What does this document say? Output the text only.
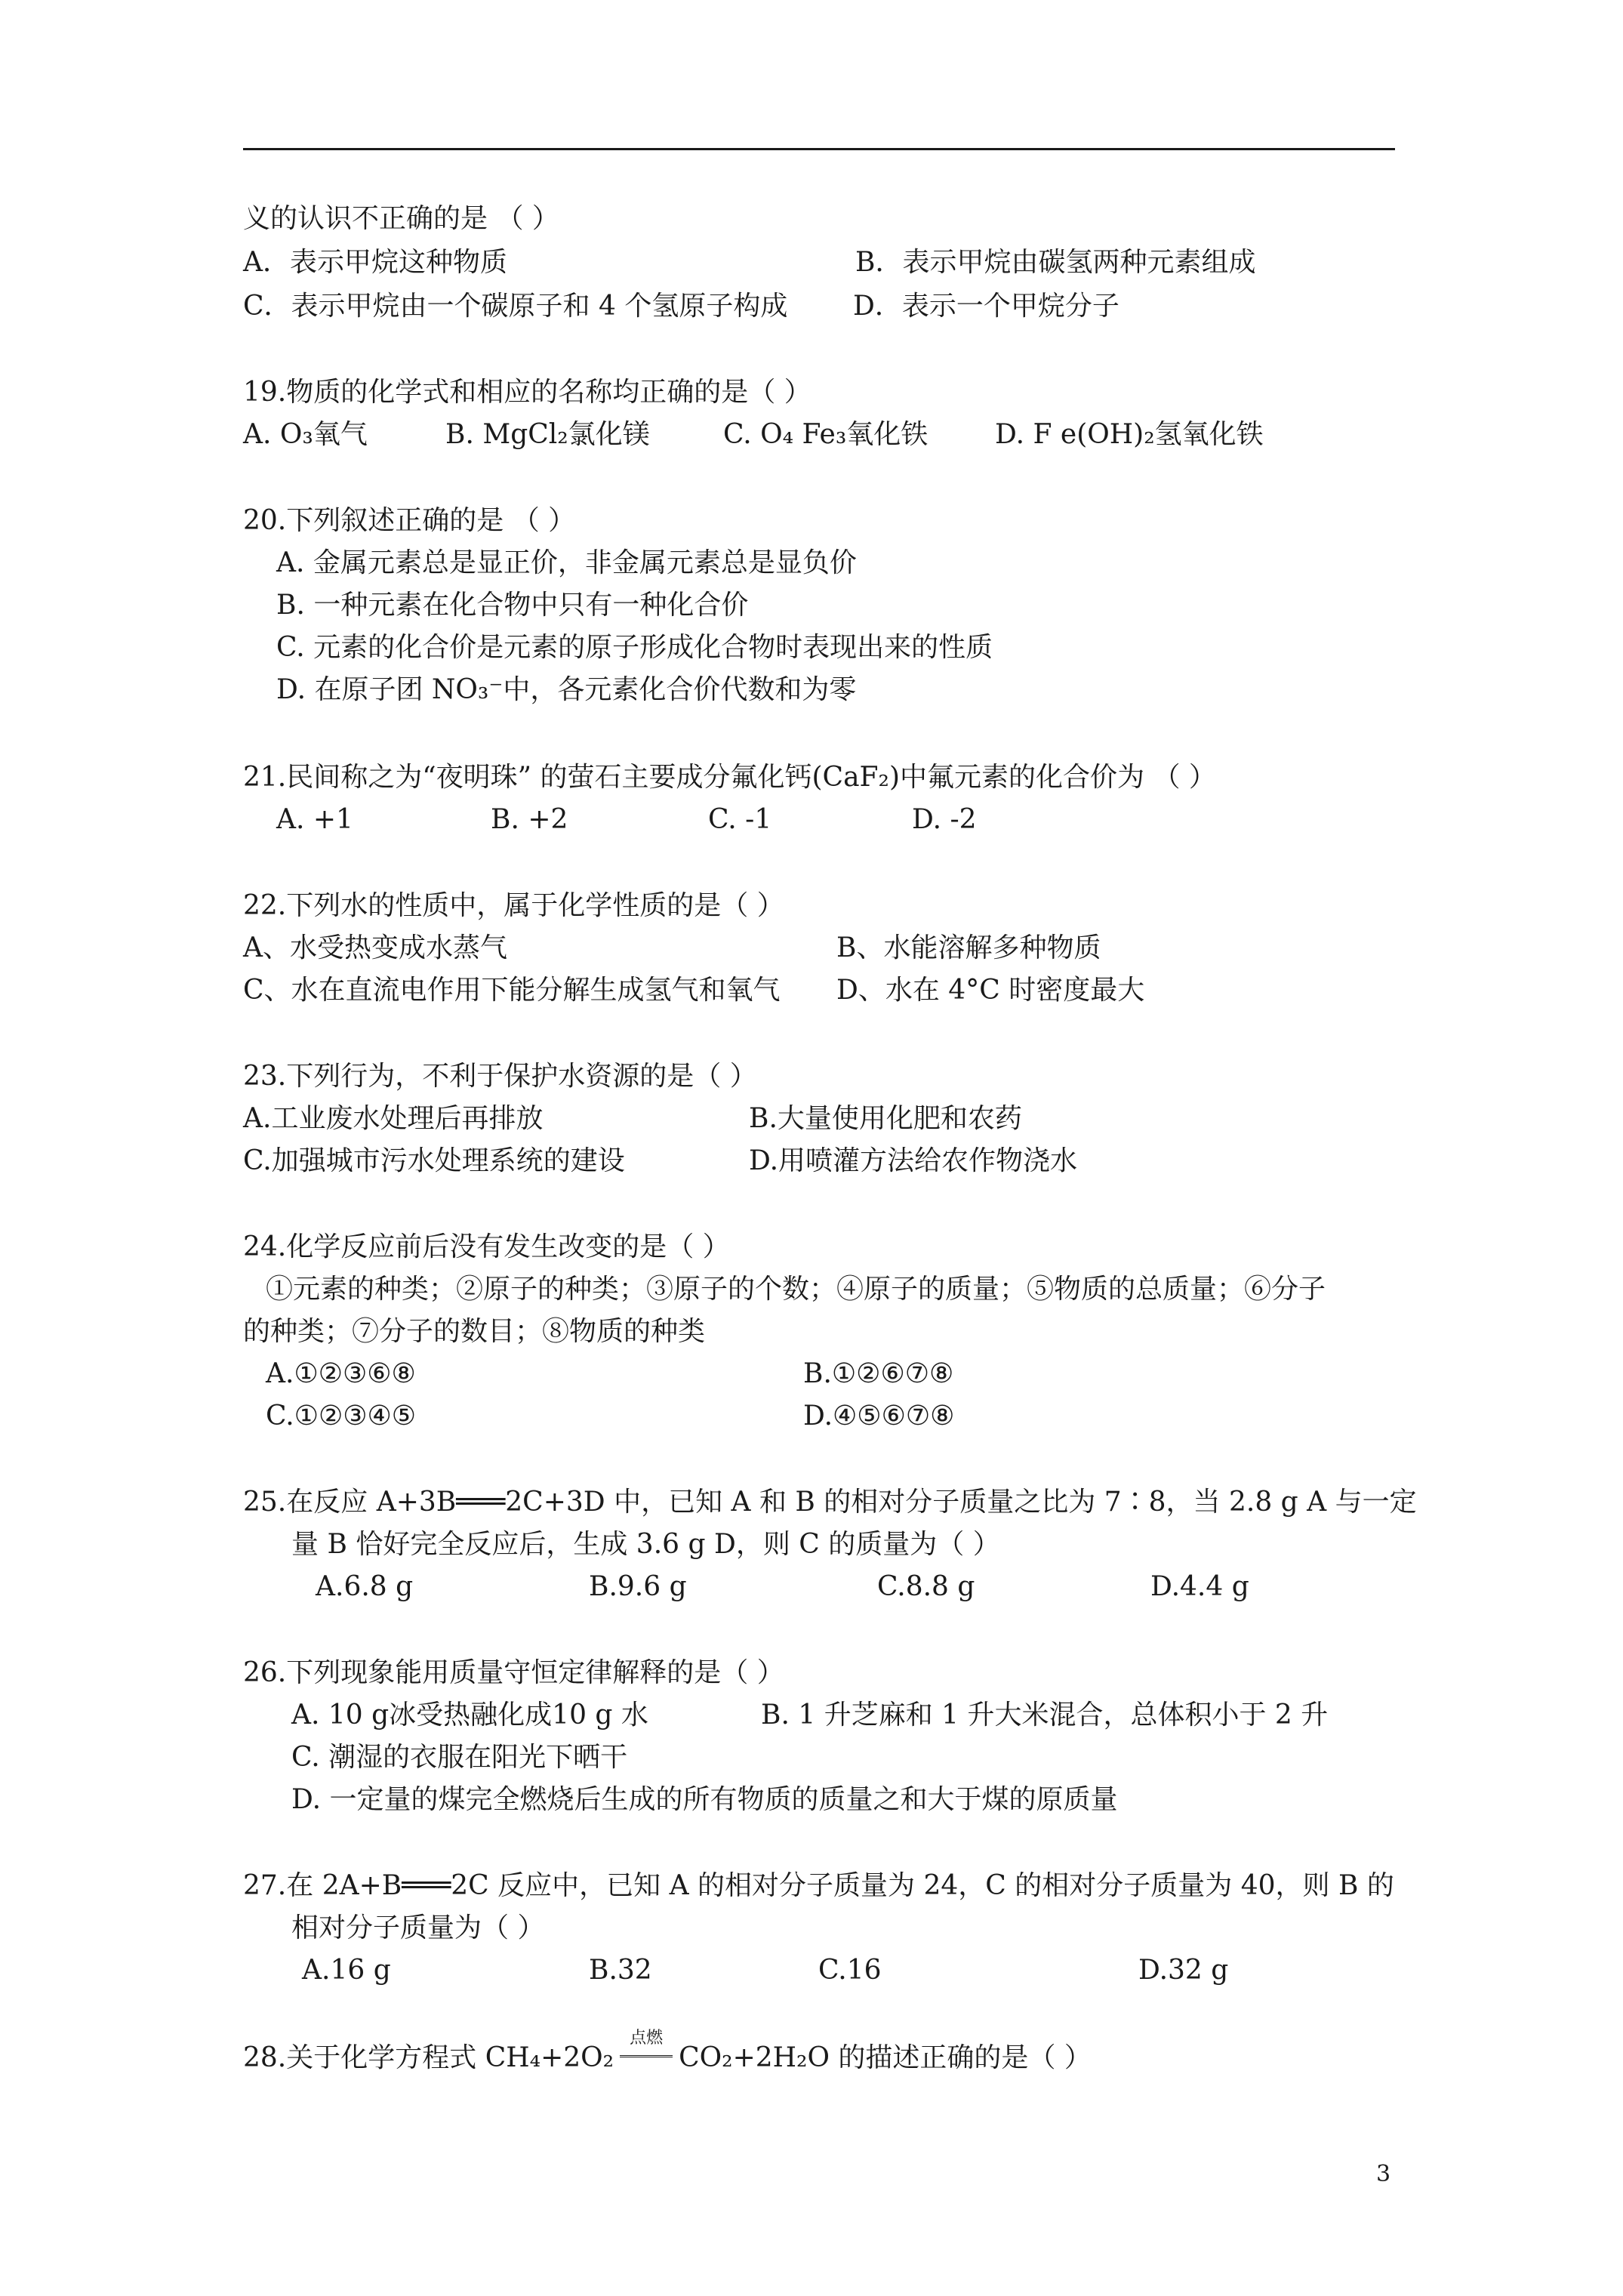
义的认识不正确的是 （ ）
A．表示甲烷这种物质	B．表示甲烷由碳氢两种元素组成
C．表示甲烷由一个碳原子和 4 个氢原子构成 D．表示一个甲烷分子
19.物质的化学式和相应的名称均正确的是（ ）
A. O₃氧气	B. MgCl₂氯化镁	C. O₄ Fe₃氧化铁 D. F e(OH)₂氢氧化铁
20.下列叙述正确的是 （ ）
A. 金属元素总是显正价，非金属元素总是显负价
B. 一种元素在化合物中只有一种化合价
C. 元素的化合价是元素的原子形成化合物时表现出来的性质
D. 在原子团 NO₃⁻中，各元素化合价代数和为零
21.民间称之为“夜明珠” 的萤石主要成分氟化钙(CaF₂)中氟元素的化合价为 （ ）
A. +1	B. +2	C. -1	D. -2
22.下列水的性质中，属于化学性质的是（ ）
A、水受热变成水蒸气	B、水能溶解多种物质
C、水在直流电作用下能分解生成氢气和氧气 D、水在 4°C 时密度最大
23.下列行为，不利于保护水资源的是（ ）
A.工业废水处理后再排放	B.大量使用化肥和农药
C.加强城市污水处理系统的建设	D.用喷灌方法给农作物浇水
24.化学反应前后没有发生改变的是（ ）
①元素的种类；②原子的种类；③原子的个数；④原子的质量；⑤物质的总质量；⑥分子
的种类；⑦分子的数目；⑧物质的种类
A.①②③⑥⑧	B.①②⑥⑦⑧
C.①②③④⑤	D.④⑤⑥⑦⑧
25.在反应 A+3B═══2C+3D 中，已知 A 和 B 的相对分子质量之比为 7∶8，当 2.8 g A 与一定
量 B 恰好完全反应后，生成 3.6 g D，则 C 的质量为（ ）
A.6.8 g	B.9.6 g	C.8.8 g	D.4.4 g
26.下列现象能用质量守恒定律解释的是（ ）
A. 10 g冰受热融化成10 g 水	B. 1 升芝麻和 1 升大米混合，总体积小于 2 升
C. 潮湿的衣服在阳光下晒干
D. 一定量的煤完全燃烧后生成的所有物质的质量之和大于煤的原质量
27.在 2A+B═══2C 反应中，已知 A 的相对分子质量为 24，C 的相对分子质量为 40，则 B 的
相对分子质量为（ ）
A.16 g	B.32	C.16	D.32 g
28.关于化学方程式 CH₄+2O₂
点燃
CO₂+2H₂O 的描述正确的是（ ）
3
